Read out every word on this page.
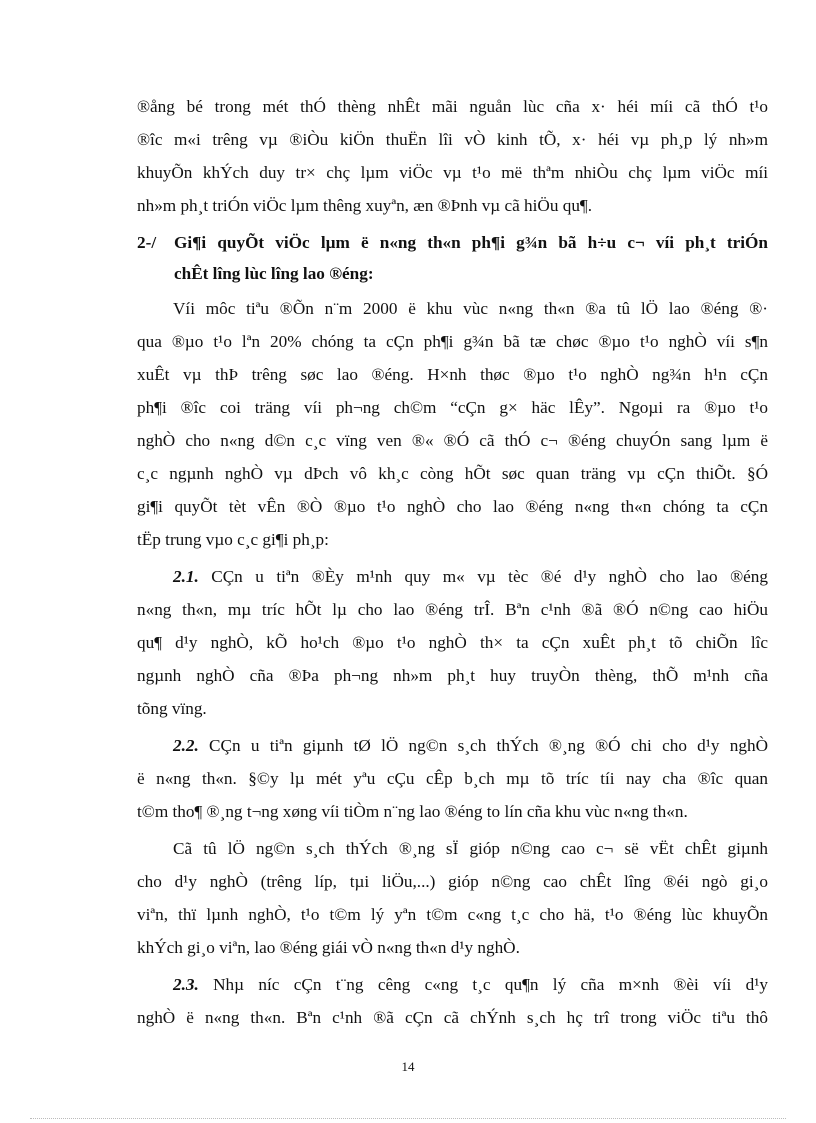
®ång bé trong mét thÓ thèng nhÊt mãi nguån lùc cña x· héi míi cã thÓ t¹o
®îc m«i trêng vµ ®iÒu kiÖn thuËn lîi vÒ kinh tÕ, x· héi vµ ph¸p lý nh»m
khuyÕn khÝch duy tr× chç lµm viÖc vµ t¹o më thªm nhiÒu chç lµm viÖc míi
nh»m ph¸t triÓn viÖc lµm thêng xuyªn, æn ®Þnh vµ cã hiÖu qu¶.
2-/ Gi¶i quyÕt viÖc lµm ë n«ng th«n ph¶i g¾n bã h÷u c¬ víi ph¸t triÓn
chÊt lîng lùc lîng lao ®éng:
Víi môc tiªu ®Õn n¨m 2000 ë khu vùc n«ng th«n ®a tû lÖ lao ®éng ®·
qua ®µo t¹o lªn 20% chóng ta cÇn ph¶i g¾n bã tæ chøc ®µo t¹o nghÒ víi s¶n
xuÊt vµ thÞ trêng søc lao ®éng. H×nh thøc ®µo t¹o nghÒ ng¾n h¹n cÇn
ph¶i ®îc coi träng víi ph¬ng ch©m “cÇn g× häc lÊy”. Ngoµi ra ®µo t¹o
nghÒ cho n«ng d©n c¸c vïng ven ®« ®Ó cã thÓ c¬ ®éng chuyÓn sang lµm ë
c¸c ngµnh nghÒ vµ dÞch vô kh¸c còng hÕt søc quan träng vµ cÇn thiÕt. §Ó
gi¶i quyÕt tèt vÊn ®Ò ®µo t¹o nghÒ cho lao ®éng n«ng th«n chóng ta cÇn
tËp trung vµo c¸c gi¶i ph¸p:
2.1. CÇn u tiªn ®Èy m¹nh quy m« vµ tèc ®é d¹y nghÒ cho lao ®éng
n«ng th«n, mµ tríc hÕt lµ cho lao ®éng trÎ. Bªn c¹nh ®ã ®Ó n©ng cao hiÖu
qu¶ d¹y nghÒ, kÕ ho¹ch ®µo t¹o nghÒ th× ta cÇn xuÊt ph¸t tõ chiÕn lîc
ngµnh nghÒ cña ®Þa ph¬ng nh»m ph¸t huy truyÒn thèng, thÕ m¹nh cña
tõng vïng.
2.2. CÇn u tiªn giµnh tØ lÖ ng©n s¸ch thÝch ®¸ng ®Ó chi cho d¹y nghÒ
ë n«ng th«n. §©y lµ mét yªu cÇu cÊp b¸ch mµ tõ tríc tíi nay cha ®îc quan
t©m tho¶ ®¸ng t¬ng xøng víi tiÒm n¨ng lao ®éng to lín cña khu vùc n«ng th«n.
Cã tû lÖ ng©n s¸ch thÝch ®¸ng sÏ gióp n©ng cao c¬ së vËt chÊt giµnh
cho d¹y nghÒ (trêng líp, tµi liÖu,...) gióp n©ng cao chÊt lîng ®éi ngò gi¸o
viªn, thï lµnh nghÒ, t¹o t©m lý yªn t©m c«ng t¸c cho hä, t¹o ®éng lùc khuyÕn
khÝch gi¸o viªn, lao ®éng giái vÒ n«ng th«n d¹y nghÒ.
2.3. Nhµ níc cÇn t¨ng cêng c«ng t¸c qu¶n lý cña m×nh ®èi víi d¹y
nghÒ ë n«ng th«n. Bªn c¹nh ®ã cÇn cã chÝnh s¸ch hç trî trong viÖc tiªu thô
14
